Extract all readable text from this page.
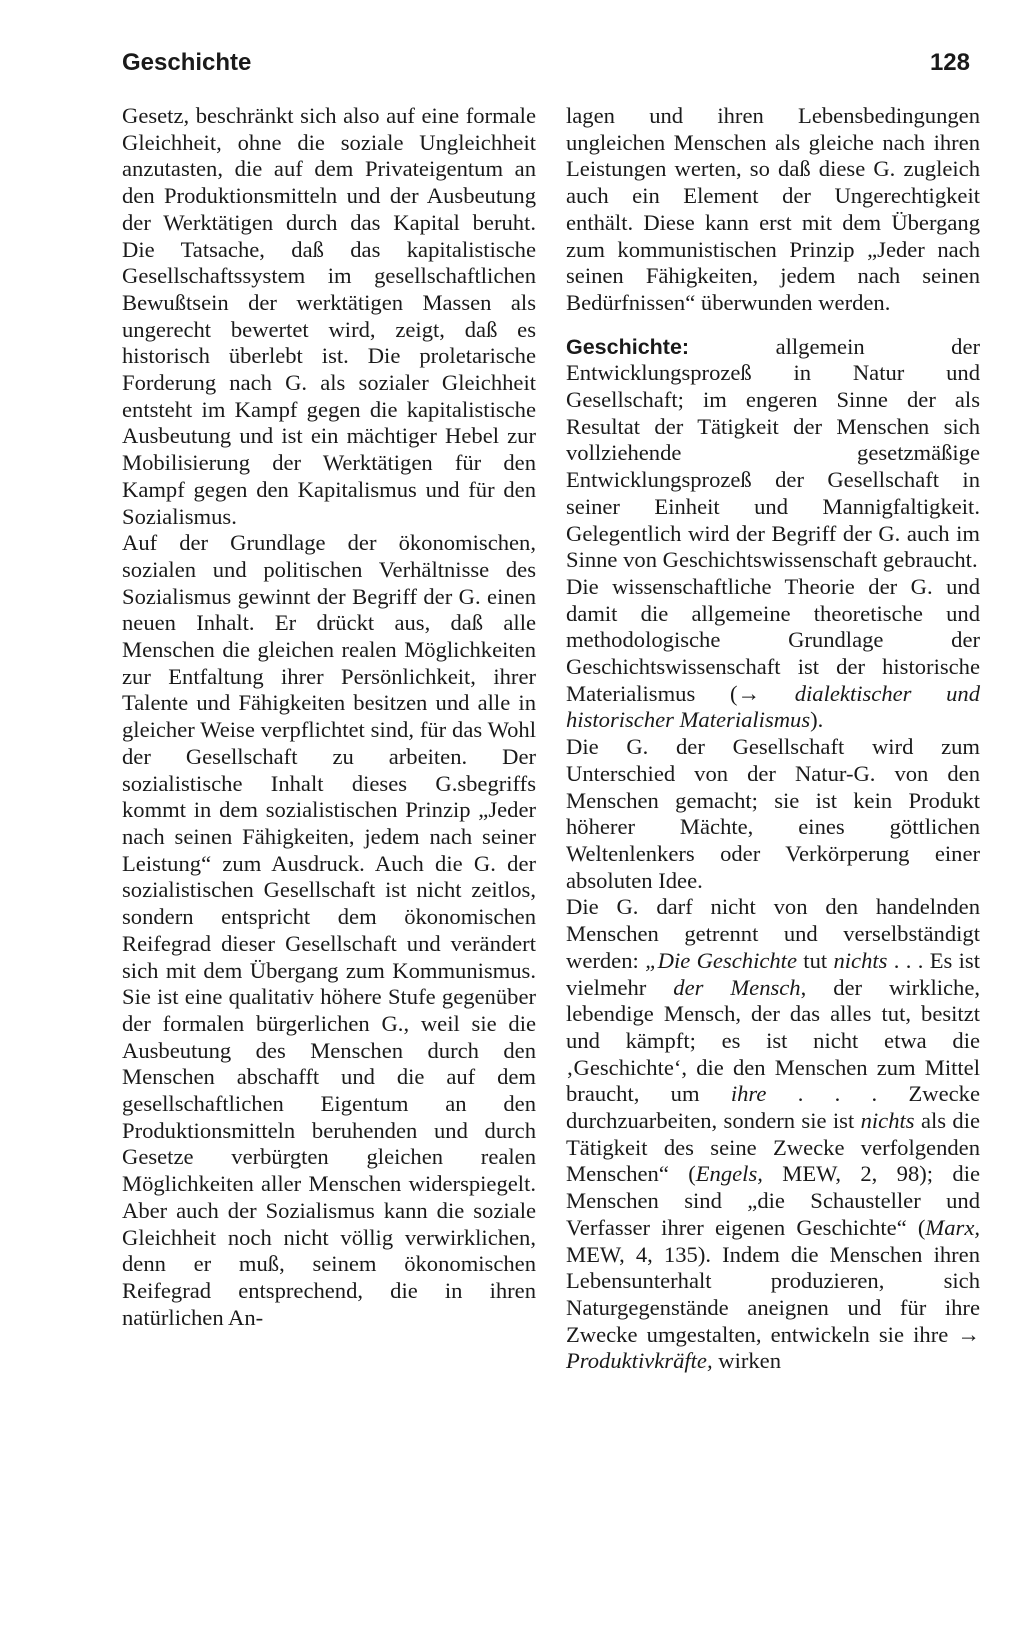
Geschichte	128

Gesetz, beschränkt sich also auf eine formale Gleichheit, ohne die soziale Ungleichheit anzutasten, die auf dem Privateigentum an den Produktionsmitteln und der Ausbeutung der Werktätigen durch das Kapital beruht. Die Tatsache, daß das kapitalistische Gesellschaftssystem im gesellschaftlichen Bewußtsein der werktätigen Massen als ungerecht bewertet wird, zeigt, daß es historisch überlebt ist. Die proletarische Forderung nach G. als sozialer Gleichheit entsteht im Kampf gegen die kapitalistische Ausbeutung und ist ein mächtiger Hebel zur Mobilisierung der Werktätigen für den Kampf gegen den Kapitalismus und für den Sozialismus.

Auf der Grundlage der ökonomischen, sozialen und politischen Verhältnisse des Sozialismus gewinnt der Begriff der G. einen neuen Inhalt. Er drückt aus, daß alle Menschen die gleichen realen Möglichkeiten zur Entfaltung ihrer Persönlichkeit, ihrer Talente und Fähigkeiten besitzen und alle in gleicher Weise verpflichtet sind, für das Wohl der Gesellschaft zu arbeiten. Der sozialistische Inhalt dieses G.sbegriffs kommt in dem sozialistischen Prinzip „Jeder nach seinen Fähigkeiten, jedem nach seiner Leistung“ zum Ausdruck. Auch die G. der sozialistischen Gesellschaft ist nicht zeitlos, sondern entspricht dem ökonomischen Reifegrad dieser Gesellschaft und verändert sich mit dem Übergang zum Kommunismus. Sie ist eine qualitativ höhere Stufe gegenüber der formalen bürgerlichen G., weil sie die Ausbeutung des Menschen durch den Menschen abschafft und die auf dem gesellschaftlichen Eigentum an den Produktionsmitteln beruhenden und durch Gesetze verbürgten gleichen realen Möglichkeiten aller Menschen widerspiegelt. Aber auch der Sozialismus kann die soziale Gleichheit noch nicht völlig verwirklichen, denn er muß, seinem ökonomischen Reifegrad entsprechend, die in ihren natürlichen An-

lagen und ihren Lebensbedingungen ungleichen Menschen als gleiche nach ihren Leistungen werten, so daß diese G. zugleich auch ein Element der Ungerechtigkeit enthält. Diese kann erst mit dem Übergang zum kommunistischen Prinzip „Jeder nach seinen Fähigkeiten, jedem nach seinen Bedürfnissen“ überwunden werden.

Geschichte: allgemein der Entwicklungsprozeß in Natur und Gesellschaft; im engeren Sinne der als Resultat der Tätigkeit der Menschen sich vollziehende gesetzmäßige Entwicklungsprozeß der Gesellschaft in seiner Einheit und Mannigfaltigkeit. Gelegentlich wird der Begriff der G. auch im Sinne von Geschichtswissenschaft gebraucht.

Die wissenschaftliche Theorie der G. und damit die allgemeine theoretische und methodologische Grundlage der Geschichtswissenschaft ist der historische Materialismus (→ dialektischer und historischer Materialismus).

Die G. der Gesellschaft wird zum Unterschied von der Natur-G. von den Menschen gemacht; sie ist kein Produkt höherer Mächte, eines göttlichen Weltenlenkers oder Verkörperung einer absoluten Idee.

Die G. darf nicht von den handelnden Menschen getrennt und verselbständigt werden: „Die Geschichte tut nichts . . . Es ist vielmehr der Mensch, der wirkliche, lebendige Mensch, der das alles tut, besitzt und kämpft; es ist nicht etwa die ‚Geschichte‘, die den Menschen zum Mittel braucht, um ihre . . . Zwecke durchzuarbeiten, sondern sie ist nichts als die Tätigkeit des seine Zwecke verfolgenden Menschen“ (Engels, MEW, 2, 98); die Menschen sind „die Schausteller und Verfasser ihrer eigenen Geschichte“ (Marx, MEW, 4, 135). Indem die Menschen ihren Lebensunterhalt produzieren, sich Naturgegenstände aneignen und für ihre Zwecke umgestalten, entwickeln sie ihre → Produktivkräfte, wirken
